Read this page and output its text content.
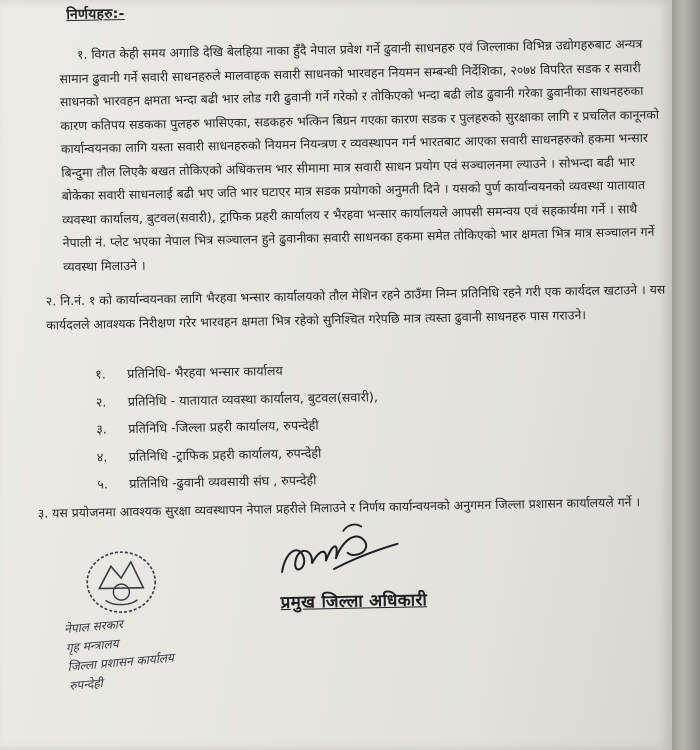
निर्णयहरु:-

१. विगत केही समय अगाडि देखि बेलहिया नाका हुँदै नेपाल प्रवेश गर्ने ढुवानी साधनहरु एवं जिल्लाका विभिन्न उद्योगहरुबाट अन्यत्र सामान ढुवानी गर्ने सवारी साधनहरुले मालवाहक सवारी साधनको भारवहन नियमन सम्बन्धी निर्देशिका, २०७४ विपरित सडक र सवारी साधनको भारवहन क्षमता भन्दा बढी भार लोड गरी ढुवानी गर्ने गरेको र तोकिएको भन्दा बढी लोड ढुवानी गरेका ढुवानीका साधनहरुका कारण कतिपय सडकका पुलहरु भासिएका, सडकहरु भत्किन बिग्रन गएका कारण सडक र पुलहरुको सुरक्षाका लागि र प्रचलित कानूनको कार्यान्वयनका लागि यस्ता सवारी साधनहरुको नियमन नियन्त्रण र व्यवस्थापन गर्न भारतबाट आएका सवारी साधनहरुको हकमा भन्सार बिन्दुमा तौल लिएकै बखत तोकिएको अधिकत्तम भार सीमामा मात्र सवारी साधन प्रयोग एवं सञ्चालनमा ल्याउने । सोभन्दा बढी भार बोकेका सवारी साधनलाई बढी भए जति भार घटाएर मात्र सडक प्रयोगको अनुमती दिने । यसको पुर्ण कार्यान्वयनको व्यवस्था यातायात व्यवस्था कार्यालय, बुटवल(सवारी), ट्राफिक प्रहरी कार्यालय र भैरहवा भन्सार कार्यालयले आपसी समन्वय एवं सहकार्यमा गर्ने । साथै नेपाली नं. प्लेट भएका नेपाल भित्र सञ्चालन हुने ढुवानीका सवारी साधनका हकमा समेत तोकिएको भार क्षमता भित्र मात्र सञ्चालन गर्ने व्यवस्था मिलाउने ।

२. नि.नं. १ को कार्यान्वयनका लागि भैरहवा भन्सार कार्यालयको तौल मेशिन रहने ठाउँमा निम्न प्रतिनिधि रहने गरी एक कार्यदल खटाउने । यस कार्यदलले आवश्यक निरीक्षण गरेर भारवहन क्षमता भित्र रहेको सुनिश्चित गरेपछि मात्र त्यस्ता ढुवानी साधनहरु पास गराउने।

१. प्रतिनिधि- भैरहवा भन्सार कार्यालय
२. प्रतिनिधि - यातायात व्यवस्था कार्यालय, बुटवल(सवारी),
३. प्रतिनिधि -जिल्ला प्रहरी कार्यालय, रुपन्देही
४. प्रतिनिधि -ट्राफिक प्रहरी कार्यालय, रुपन्देही
५. प्रतिनिधि -ढुवानी व्यवसायी संघ , रुपन्देही

३. यस प्रयोजनमा आवश्यक सुरक्षा व्यवस्थापन नेपाल प्रहरीले मिलाउने र निर्णय कार्यान्वयनको अनुगमन जिल्ला प्रशासन कार्यालयले गर्ने ।

प्रमुख जिल्ला अधिकारी
नेपाल सरकार
गृह मन्त्रालय
जिल्ला प्रशासन कार्यालय
रुपन्देही
